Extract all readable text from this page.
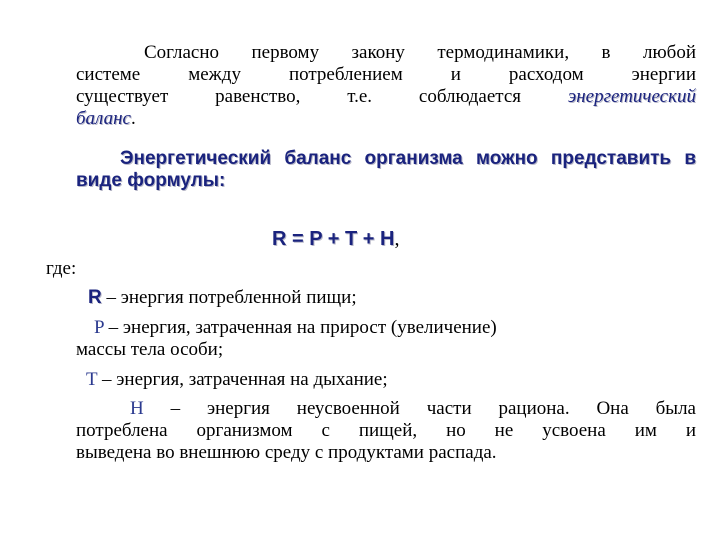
Согласно первому закону термодинамики, в любой
системе между потреблением и расходом энергии
существует равенство, т.е. соблюдается энергетический
баланс.
Энергетический баланс организма можно представить в
виде формулы:
R = P + T + H,
где:
R – энергия потребленной пищи;
P – энергия, затраченная на прирост (увеличение)
массы тела особи;
T – энергия, затраченная на дыхание;
Н – энергия неусвоенной части рациона. Она была
потреблена организмом с пищей, но не усвоена им и
выведена во внешнюю среду с продуктами распада.
